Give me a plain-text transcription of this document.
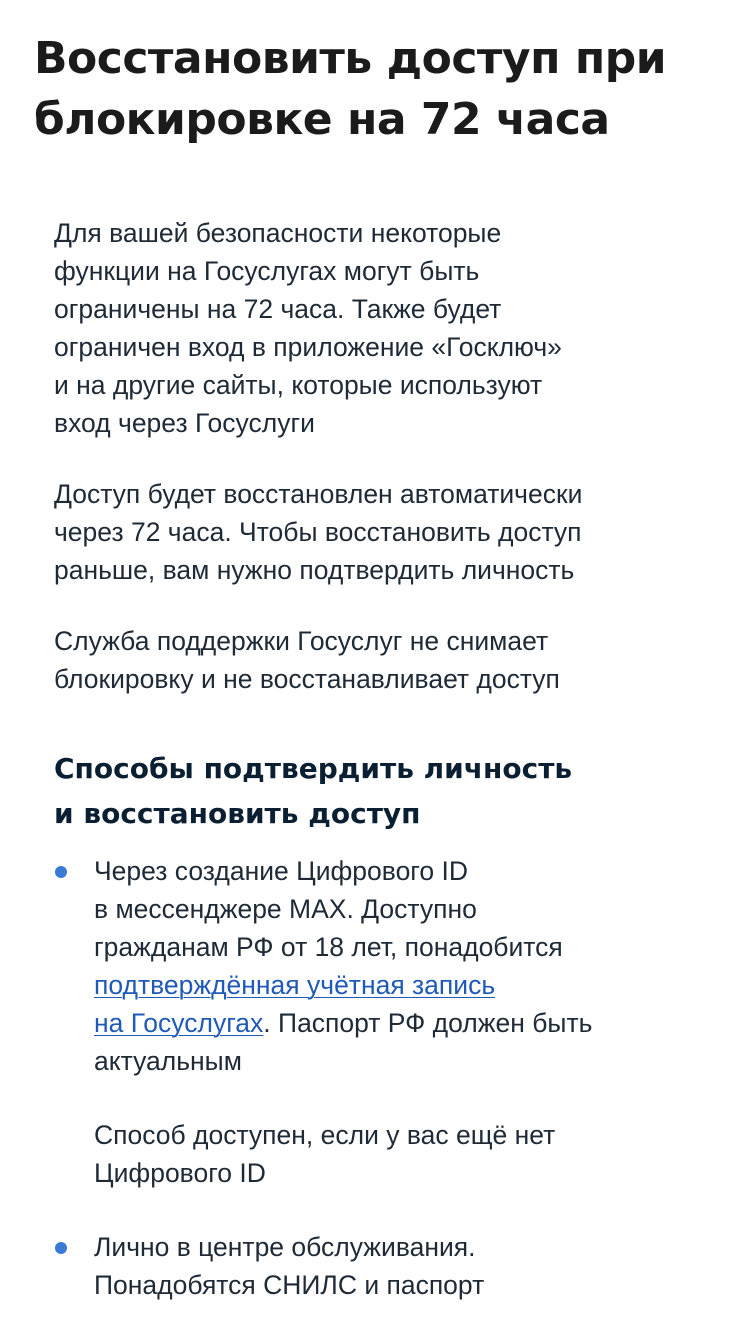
Восстановить доступ при
блокировке на 72 часа

Для вашей безопасности некоторые
функции на Госуслугах могут быть
ограничены на 72 часа. Также будет
ограничен вход в приложение «Госключ»
и на другие сайты, которые используют
вход через Госуслуги

Доступ будет восстановлен автоматически
через 72 часа. Чтобы восстановить доступ
раньше, вам нужно подтвердить личность

Служба поддержки Госуслуг не снимает
блокировку и не восстанавливает доступ

Способы подтвердить личность
и восстановить доступ

Через создание Цифрового ID
в мессенджере MAX. Доступно
гражданам РФ от 18 лет, понадобится
подтверждённая учётная запись
на Госуслугах. Паспорт РФ должен быть
актуальным

Способ доступен, если у вас ещё нет
Цифрового ID

Лично в центре обслуживания.
Понадобятся СНИЛС и паспорт
